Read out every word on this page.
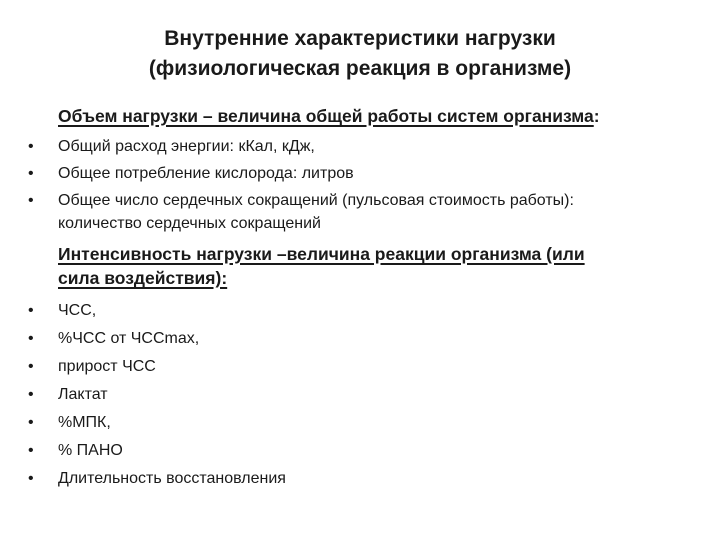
Внутренние характеристики нагрузки
(физиологическая реакция в организме)
Объем нагрузки – величина общей работы систем организма:
•	Общий расход энергии: кКал, кДж,
•	Общее потребление кислорода: литров
•	Общее число сердечных сокращений (пульсовая стоимость работы):
количество сердечных сокращений
Интенсивность нагрузки –величина реакции организма (или
сила воздействия):
•	ЧСС,
•	%ЧСС от ЧССmax,
•	прирост ЧСС
•	Лактат
•	%МПК,
•	% ПАНО
•	Длительность восстановления
